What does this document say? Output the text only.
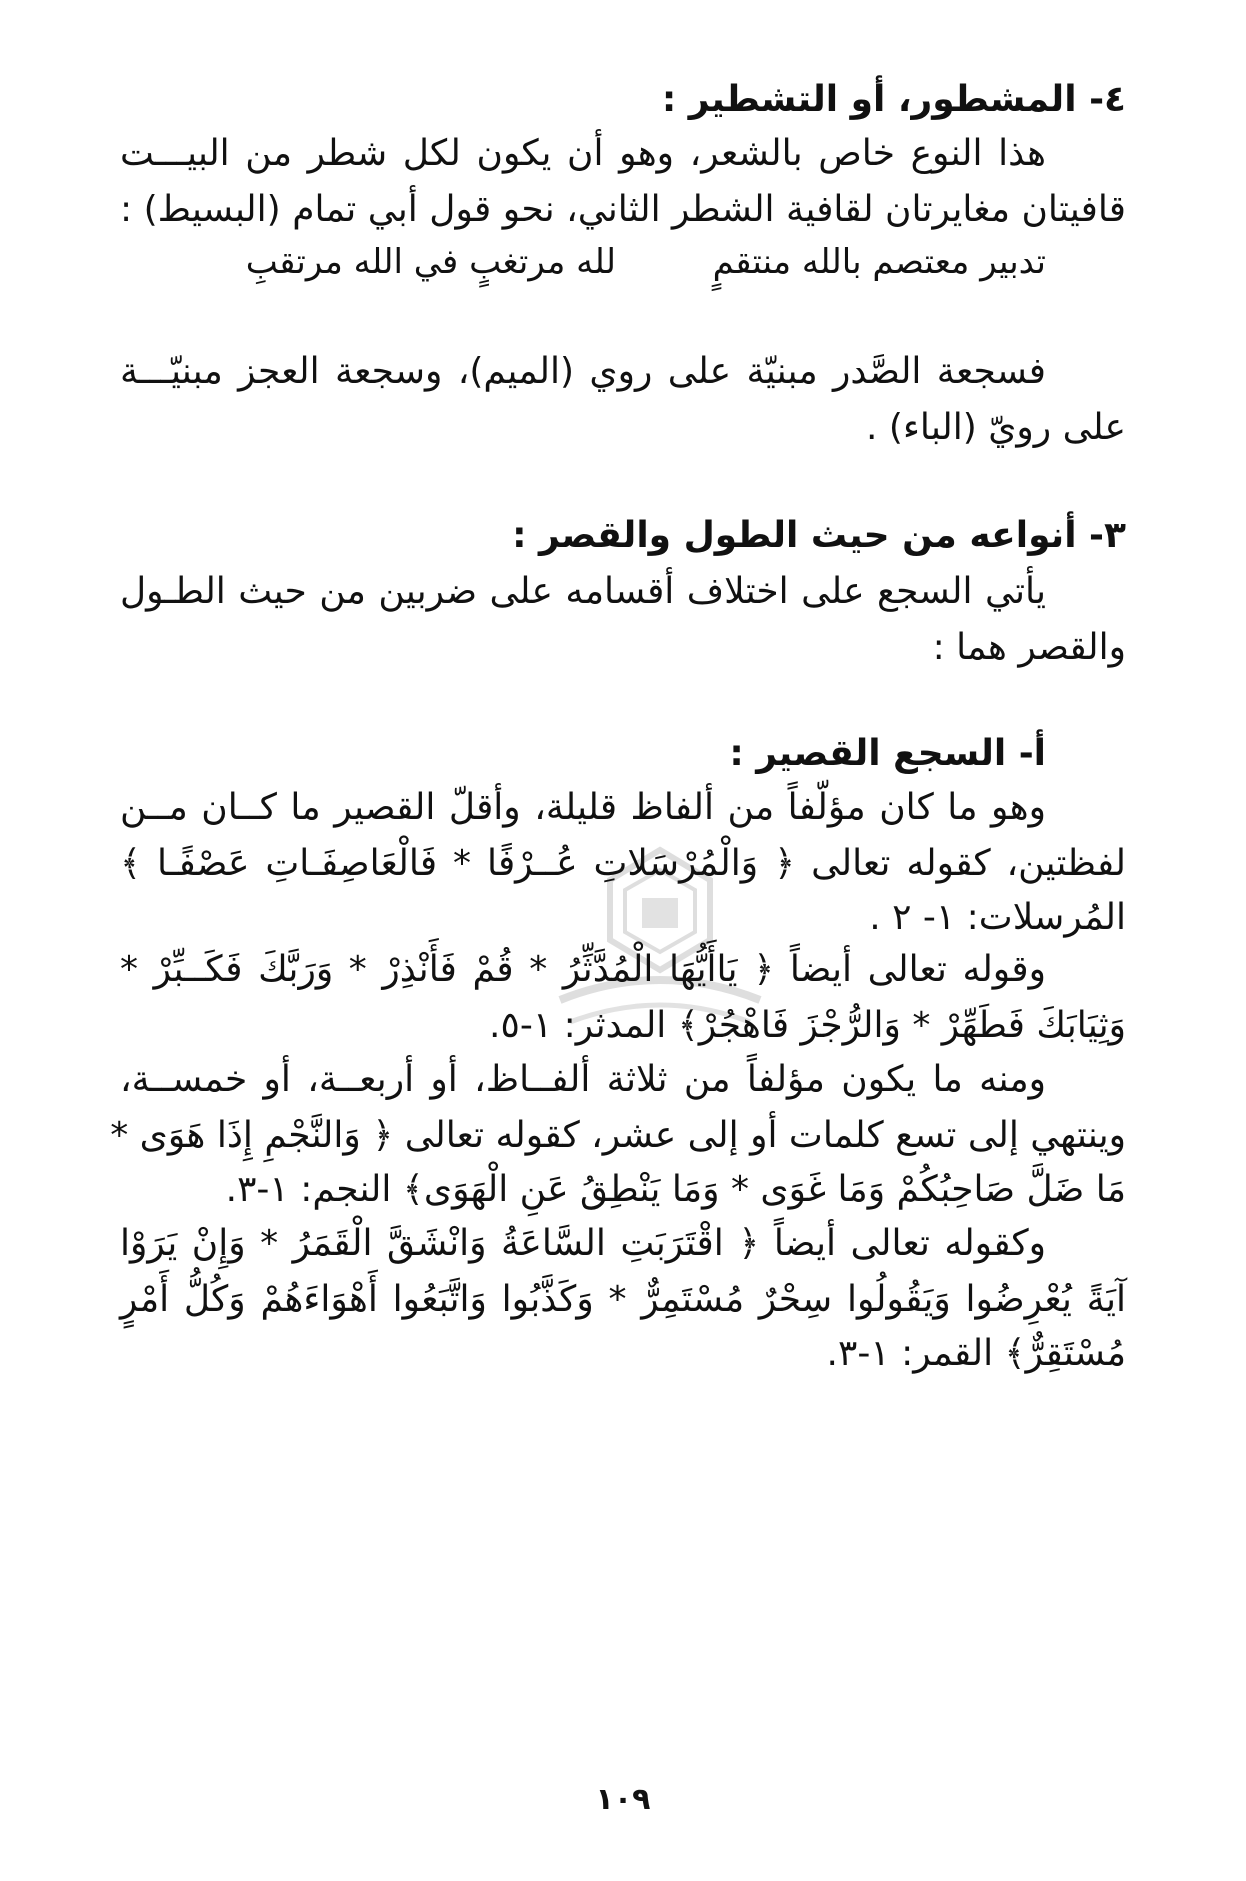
٤- المشطور، أو التشطير :
هذا النوع خاص بالشعر، وهو أن يكون لكل شطر من البيـــت
قافيتان مغايرتان لقافية الشطر الثاني، نحو قول أبي تمام (البسيط) :
تدبير معتصم بالله منتقمٍ
لله مرتغبٍ في الله مرتقبِ
فسجعة الصَّدر مبنيّة على روي (الميم)، وسجعة العجز مبنيّـــة
على رويّ (الباء) .
٣- أنواعه من حيث الطول والقصر :
يأتي السجع على اختلاف أقسامه على ضربين من حيث الطـول
والقصر هما :
أ- السجع القصير :
وهو ما كان مؤلّفاً من ألفاظ قليلة، وأقلّ القصير ما كــان مــن
لفظتين، كقوله تعالى ﴿ وَالْمُرْسَلاتِ عُــرْفًا * فَالْعَاصِفَـاتِ عَصْفًـا ﴾
المُرسلات: ١- ٢ .
وقوله تعالى أيضاً ﴿ يَاأَيُّهَا الْمُدَّثِّرُ * قُمْ فَأَنْذِرْ * وَرَبَّكَ فَكَــبِّرْ *
وَثِيَابَكَ فَطَهِّرْ * وَالرُّجْزَ فَاهْجُرْ﴾ المدثر: ١-٥.
ومنه ما يكون مؤلفاً من ثلاثة ألفــاظ، أو أربعــة، أو خمســة،
وينتهي إلى تسع كلمات أو إلى عشر، كقوله تعالى ﴿ وَالنَّجْمِ إِذَا هَوَى *
مَا ضَلَّ صَاحِبُكُمْ وَمَا غَوَى * وَمَا يَنْطِقُ عَنِ الْهَوَى﴾ النجم: ١-٣.
وكقوله تعالى أيضاً ﴿ اقْتَرَبَتِ السَّاعَةُ وَانْشَقَّ الْقَمَرُ * وَإِنْ يَرَوْا
آيَةً يُعْرِضُوا وَيَقُولُوا سِحْرٌ مُسْتَمِرٌّ * وَكَذَّبُوا وَاتَّبَعُوا أَهْوَاءَهُمْ وَكُلُّ أَمْرٍ
مُسْتَقِرٌّ﴾ القمر: ١-٣.
١٠٩
